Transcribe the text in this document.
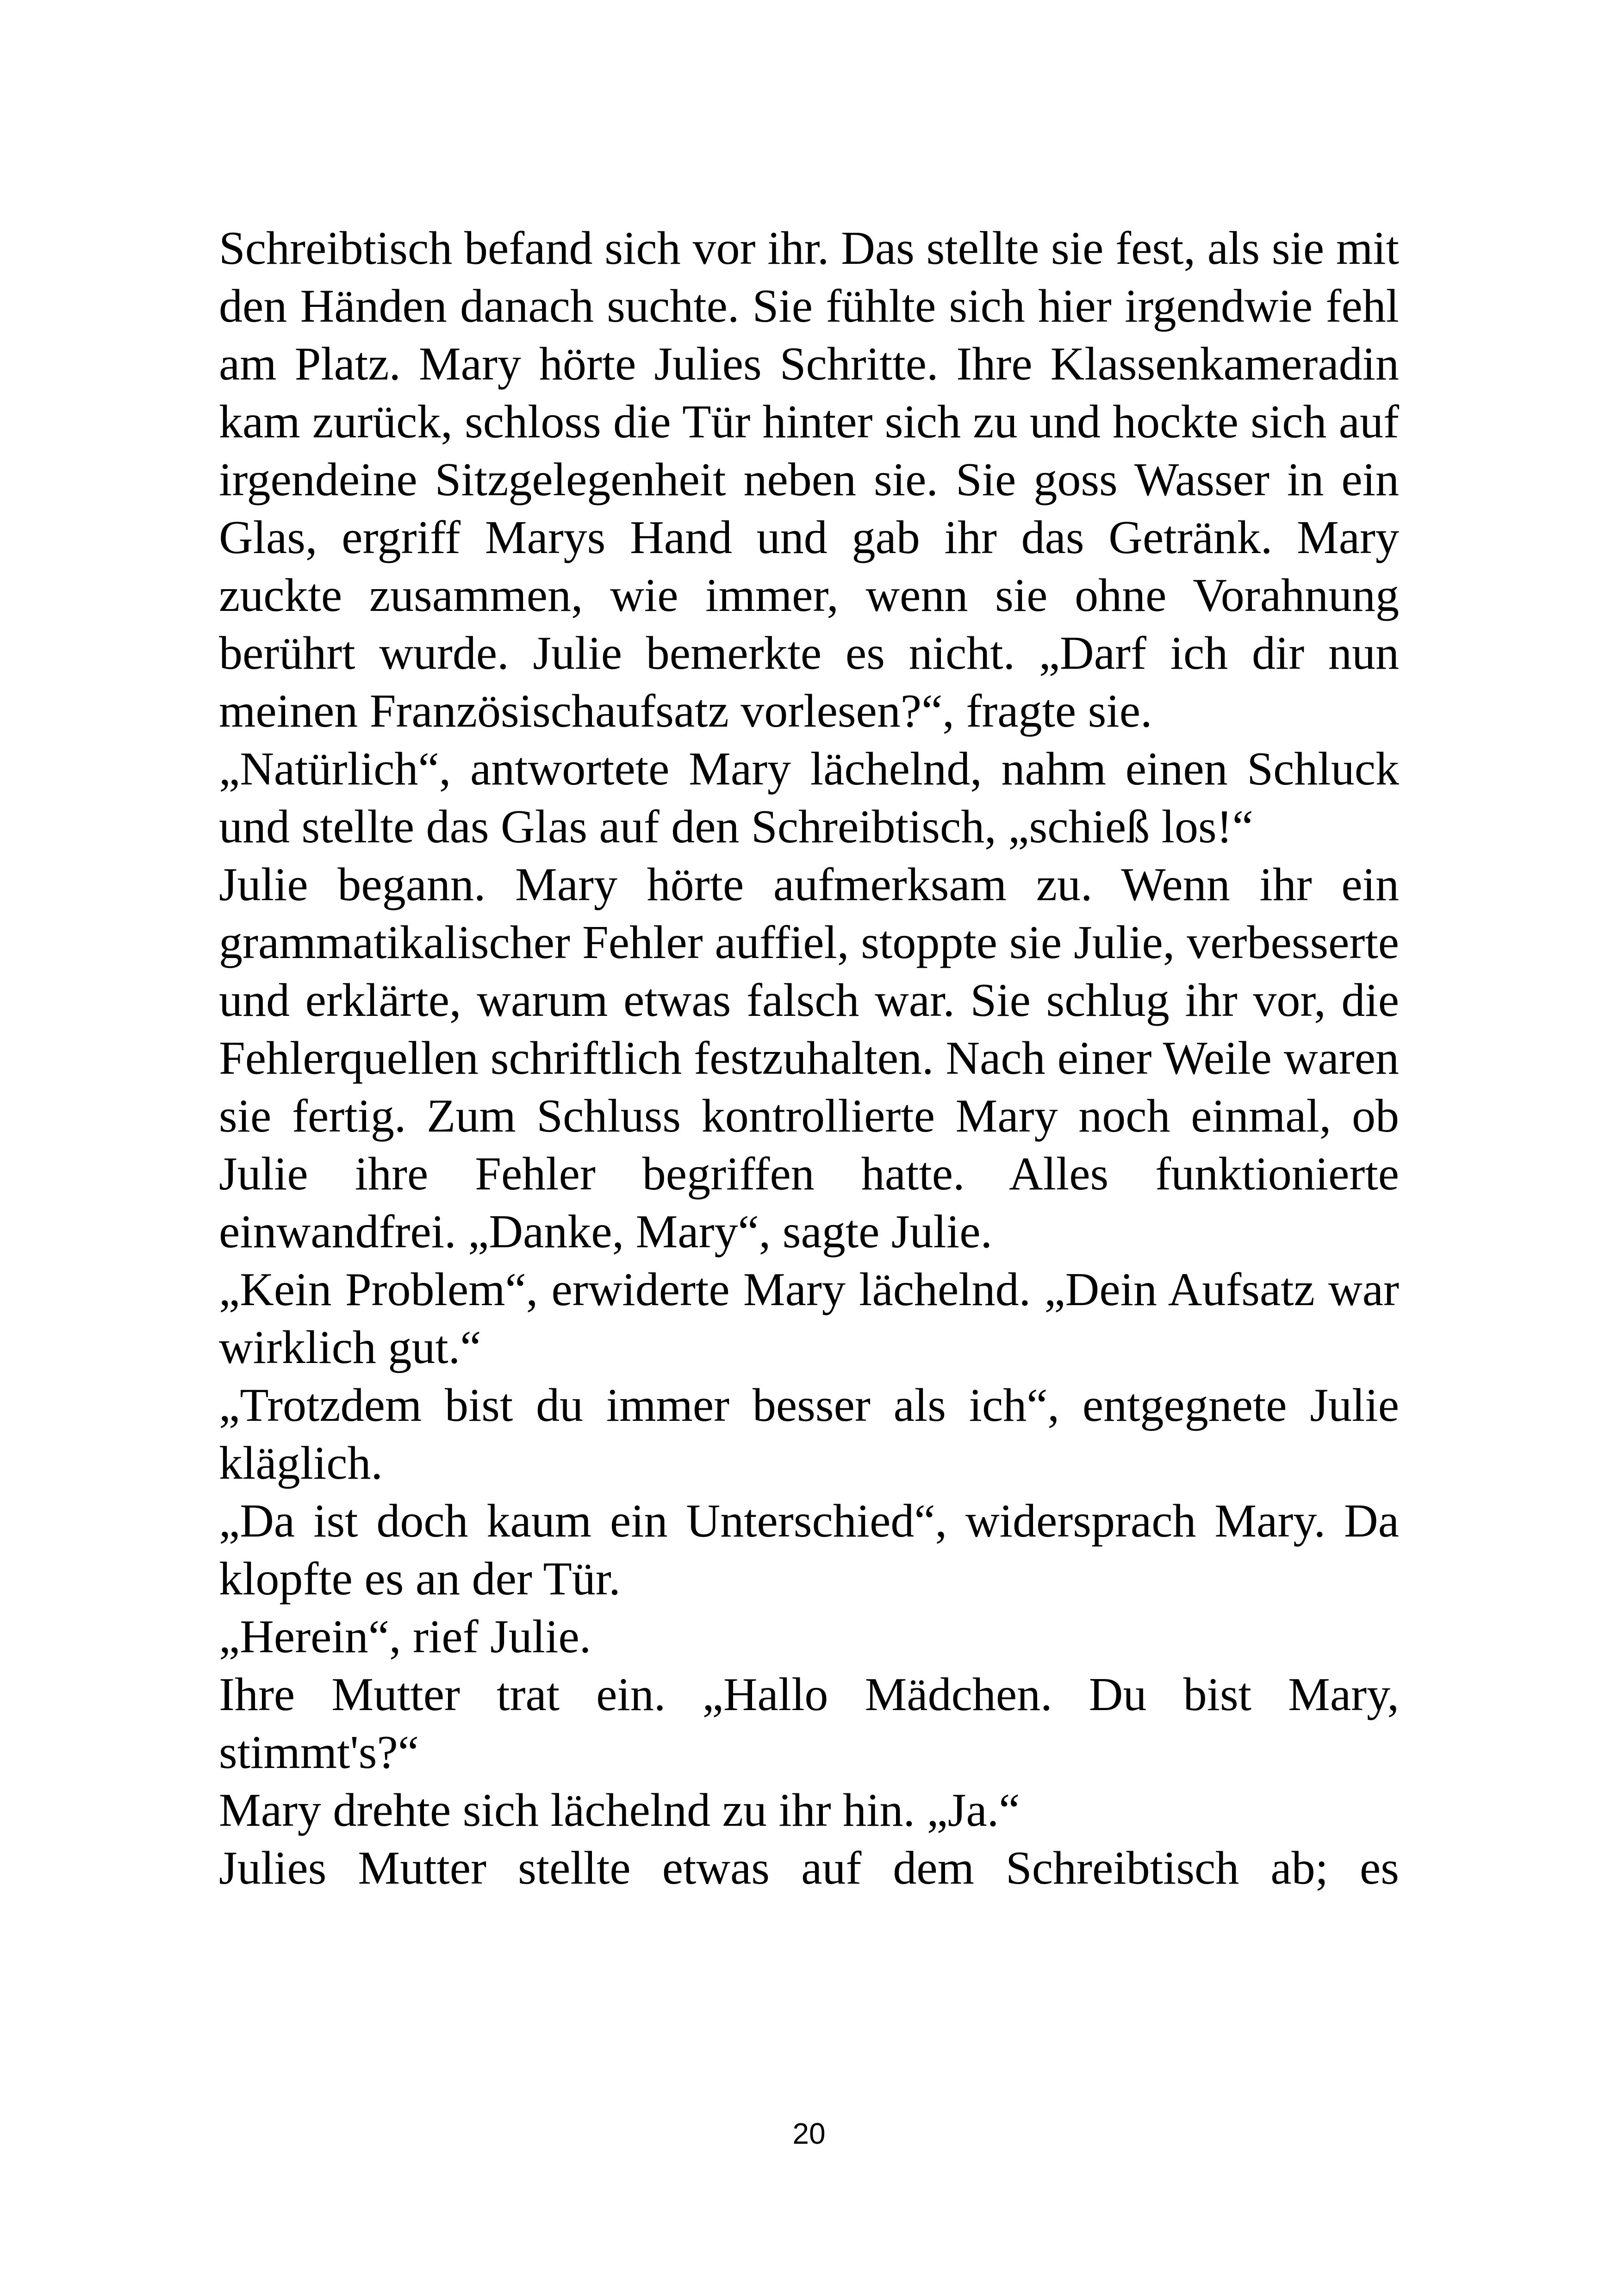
Schreibtisch befand sich vor ihr. Das stellte sie fest, als sie mit den Händen danach suchte. Sie fühlte sich hier irgendwie fehl am Platz. Mary hörte Julies Schritte. Ihre Klassenkameradin kam zurück, schloss die Tür hinter sich zu und hockte sich auf irgendeine Sitzgelegenheit neben sie. Sie goss Wasser in ein Glas, ergriff Marys Hand und gab ihr das Getränk. Mary zuckte zusammen, wie immer, wenn sie ohne Vorahnung berührt wurde. Julie bemerkte es nicht. „Darf ich dir nun meinen Französischaufsatz vorlesen?“, fragte sie.

„Natürlich“, antwortete Mary lächelnd, nahm einen Schluck und stellte das Glas auf den Schreibtisch, „schieß los!“

Julie begann. Mary hörte aufmerksam zu. Wenn ihr ein grammatikalischer Fehler auffiel, stoppte sie Julie, verbesserte und erklärte, warum etwas falsch war. Sie schlug ihr vor, die Fehlerquellen schriftlich festzuhalten. Nach einer Weile waren sie fertig. Zum Schluss kontrollierte Mary noch einmal, ob Julie ihre Fehler begriffen hatte. Alles funktionierte einwandfrei. „Danke, Mary“, sagte Julie.

„Kein Problem“, erwiderte Mary lächelnd. „Dein Aufsatz war wirklich gut.“

„Trotzdem bist du immer besser als ich“, entgegnete Julie kläglich.

„Da ist doch kaum ein Unterschied“, widersprach Mary. Da klopfte es an der Tür.

„Herein“, rief Julie.

Ihre Mutter trat ein. „Hallo Mädchen. Du bist Mary, stimmt's?“

Mary drehte sich lächelnd zu ihr hin. „Ja.“

Julies Mutter stellte etwas auf dem Schreibtisch ab; es

20
